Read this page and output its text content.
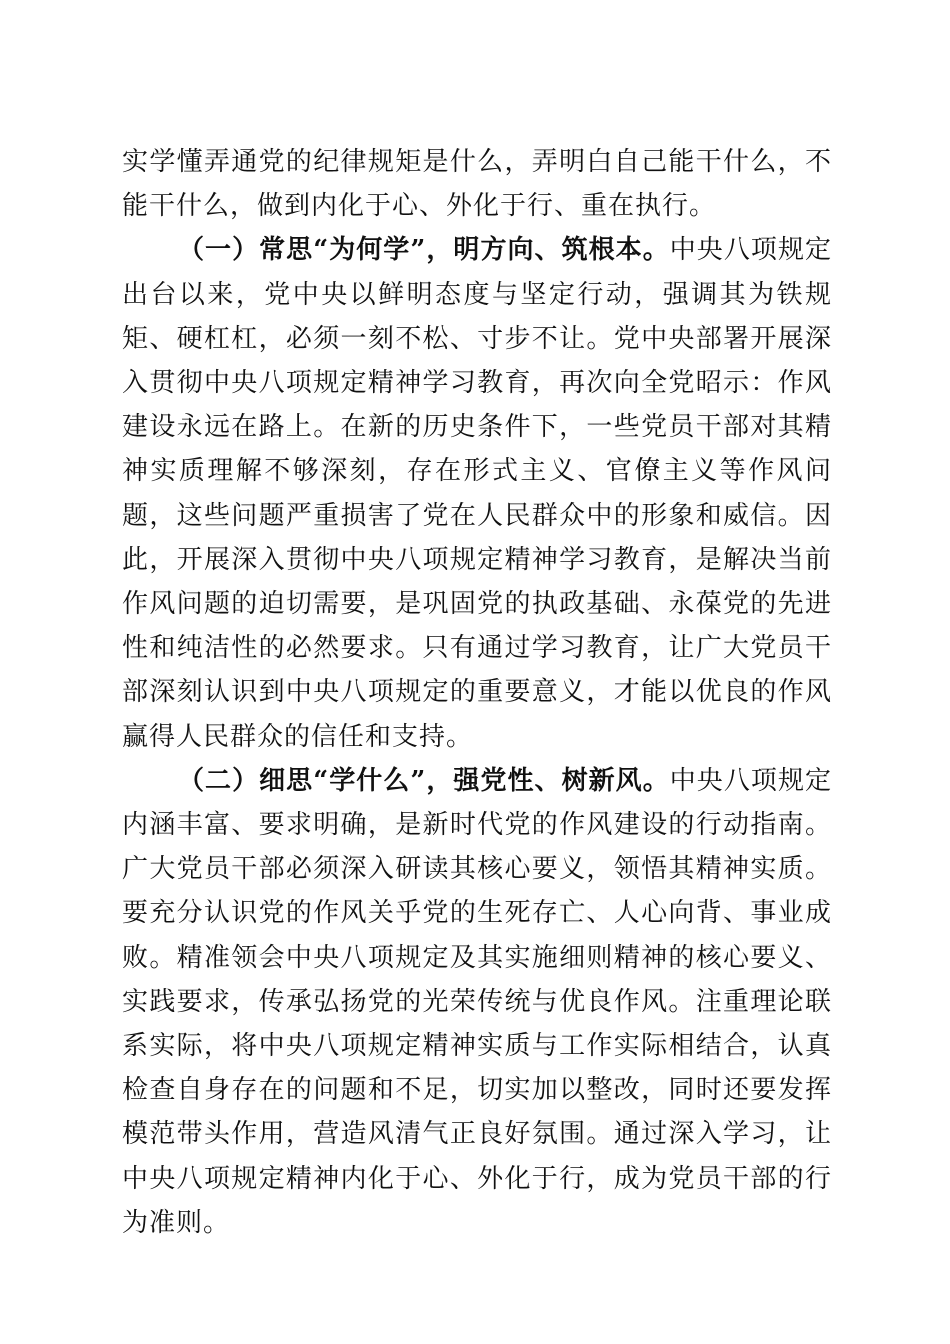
实学懂弄通党的纪律规矩是什么，弄明白自己能干什么，不能干什么，做到内化于心、外化于行、重在执行。

（一）常思“为何学”，明方向、筑根本。中央八项规定出台以来，党中央以鲜明态度与坚定行动，强调其为铁规矩、硬杠杠，必须一刻不松、寸步不让。党中央部署开展深入贯彻中央八项规定精神学习教育，再次向全党昭示：作风建设永远在路上。在新的历史条件下，一些党员干部对其精神实质理解不够深刻，存在形式主义、官僚主义等作风问题，这些问题严重损害了党在人民群众中的形象和威信。因此，开展深入贯彻中央八项规定精神学习教育，是解决当前作风问题的迫切需要，是巩固党的执政基础、永葆党的先进性和纯洁性的必然要求。只有通过学习教育，让广大党员干部深刻认识到中央八项规定的重要意义，才能以优良的作风赢得人民群众的信任和支持。

（二）细思“学什么”，强党性、树新风。中央八项规定内涵丰富、要求明确，是新时代党的作风建设的行动指南。广大党员干部必须深入研读其核心要义，领悟其精神实质。要充分认识党的作风关乎党的生死存亡、人心向背、事业成败。精准领会中央八项规定及其实施细则精神的核心要义、实践要求，传承弘扬党的光荣传统与优良作风。注重理论联系实际，将中央八项规定精神实质与工作实际相结合，认真检查自身存在的问题和不足，切实加以整改，同时还要发挥模范带头作用，营造风清气正良好氛围。通过深入学习，让中央八项规定精神内化于心、外化于行，成为党员干部的行为准则。
